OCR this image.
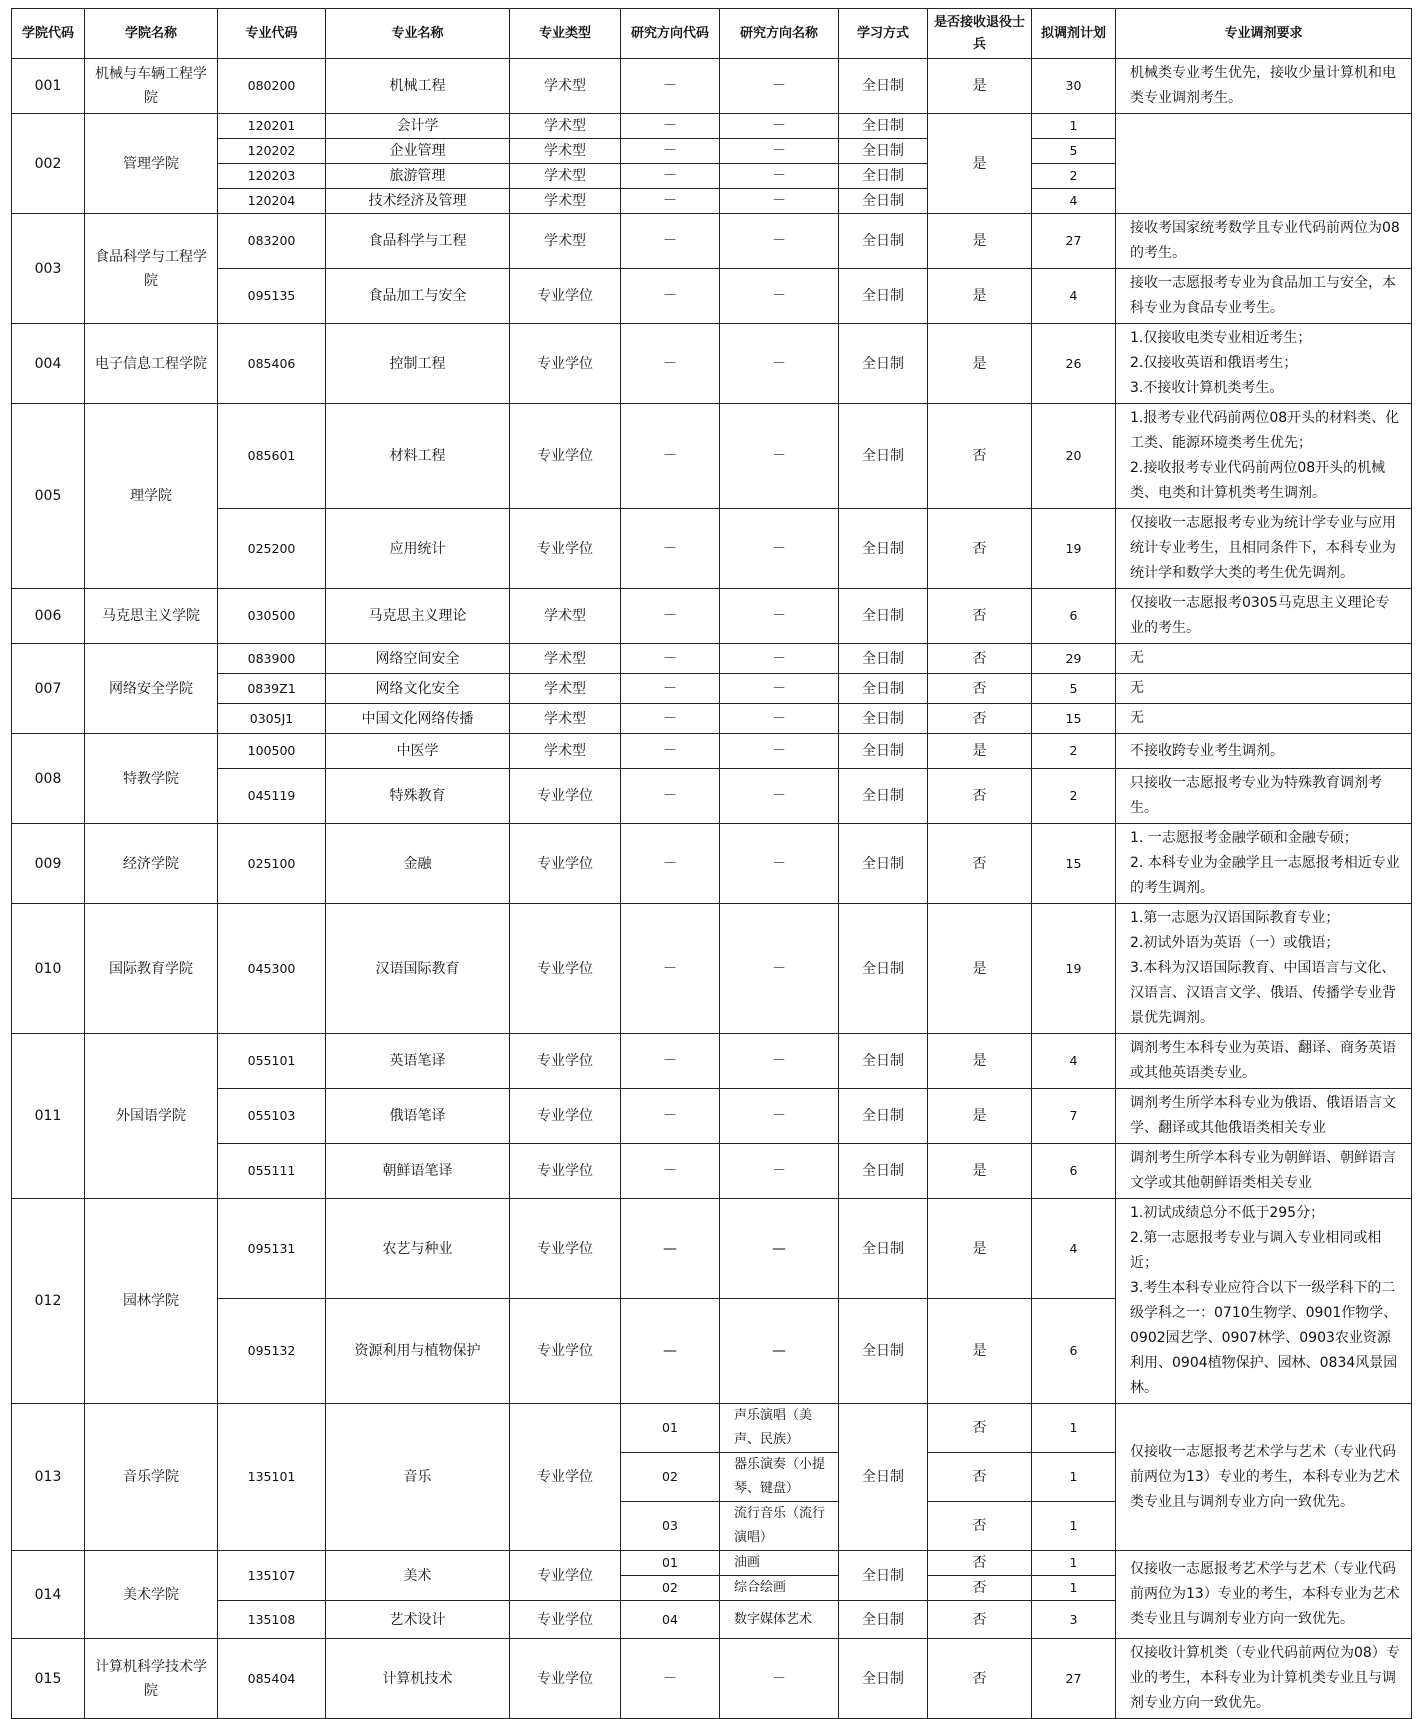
学院代码	学院名称	专业代码	专业名称	专业类型	研究方向代码	研究方向名称	学习方式	是否接收退役士兵	拟调剂计划	专业调剂要求
001	机械与车辆工程学院	080200	机械工程	学术型	－	－	全日制	是	30	机械类专业考生优先，接收少量计算机和电类专业调剂考生。
002	管理学院	120201	会计学	学术型	－	－	全日制	是	1	
		120202	企业管理	学术型	－	－	全日制		5	
		120203	旅游管理	学术型	－	－	全日制		2	
		120204	技术经济及管理	学术型	－	－	全日制		4	
003	食品科学与工程学院	083200	食品科学与工程	学术型	－	－	全日制	是	27	接收考国家统考数学且专业代码前两位为08的考生。
		095135	食品加工与安全	专业学位	－	－	全日制	是	4	接收一志愿报考专业为食品加工与安全，本科专业为食品专业考生。
004	电子信息工程学院	085406	控制工程	专业学位	－	－	全日制	是	26	1.仅接收电类专业相近考生；
2.仅接收英语和俄语考生；
3.不接收计算机类考生。
005	理学院	085601	材料工程	专业学位	－	－	全日制	否	20	1.报考专业代码前两位08开头的材料类、化工类、能源环境类考生优先；
2.接收报考专业代码前两位08开头的机械类、电类和计算机类考生调剂。
		025200	应用统计	专业学位	－	－	全日制	否	19	仅接收一志愿报考专业为统计学专业与应用统计专业考生，且相同条件下，本科专业为统计学和数学大类的考生优先调剂。
006	马克思主义学院	030500	马克思主义理论	学术型	－	－	全日制	否	6	仅接收一志愿报考0305马克思主义理论专业的考生。
007	网络安全学院	083900	网络空间安全	学术型	－	－	全日制	否	29	无
		0839Z1	网络文化安全	学术型	－	－	全日制	否	5	无
		0305J1	中国文化网络传播	学术型	－	－	全日制	否	15	无
008	特教学院	100500	中医学	学术型	－	－	全日制	是	2	不接收跨专业考生调剂。
		045119	特殊教育	专业学位	－	－	全日制	否	2	只接收一志愿报考专业为特殊教育调剂考生。
009	经济学院	025100	金融	专业学位	－	－	全日制	否	15	1. 一志愿报考金融学硕和金融专硕；
2. 本科专业为金融学且一志愿报考相近专业的考生调剂。
010	国际教育学院	045300	汉语国际教育	专业学位	－	－	全日制	是	19	1.第一志愿为汉语国际教育专业；
2.初试外语为英语（一）或俄语；
3.本科为汉语国际教育、中国语言与文化、汉语言、汉语言文学、俄语、传播学专业背景优先调剂。
011	外国语学院	055101	英语笔译	专业学位	－	－	全日制	是	4	调剂考生本科专业为英语、翻译、商务英语或其他英语类专业。
		055103	俄语笔译	专业学位	－	－	全日制	是	7	调剂考生所学本科专业为俄语、俄语语言文学、翻译或其他俄语类相关专业
		055111	朝鲜语笔译	专业学位	－	－	全日制	是	6	调剂考生所学本科专业为朝鲜语、朝鲜语言文学或其他朝鲜语类相关专业
012	园林学院	095131	农艺与种业	专业学位	—	—	全日制	是	4	1.初试成绩总分不低于295分；
2.第一志愿报考专业与调入专业相同或相近；
3.考生本科专业应符合以下一级学科下的二级学科之一：0710生物学、0901作物学、0902园艺学、0907林学、0903农业资源利用、0904植物保护、园林、0834风景园林。
		095132	资源利用与植物保护	专业学位	—	—	全日制	是	6	
013	音乐学院	135101	音乐	专业学位	01	声乐演唱（美声、民族）	全日制	否	1	仅接收一志愿报考艺术学与艺术（专业代码前两位为13）专业的考生，本科专业为艺术类专业且与调剂专业方向一致优先。
					02	器乐演奏（小提琴、键盘）		否	1	
					03	流行音乐（流行演唱）		否	1	
014	美术学院	135107	美术	专业学位	01	油画	全日制	否	1	仅接收一志愿报考艺术学与艺术（专业代码前两位为13）专业的考生，本科专业为艺术类专业且与调剂专业方向一致优先。
					02	综合绘画		否	1	
		135108	艺术设计	专业学位	04	数字媒体艺术	全日制	否	3	
015	计算机科学技术学院	085404	计算机技术	专业学位	－	－	全日制	否	27	仅接收计算机类（专业代码前两位为08）专业的考生，本科专业为计算机类专业且与调剂专业方向一致优先。
